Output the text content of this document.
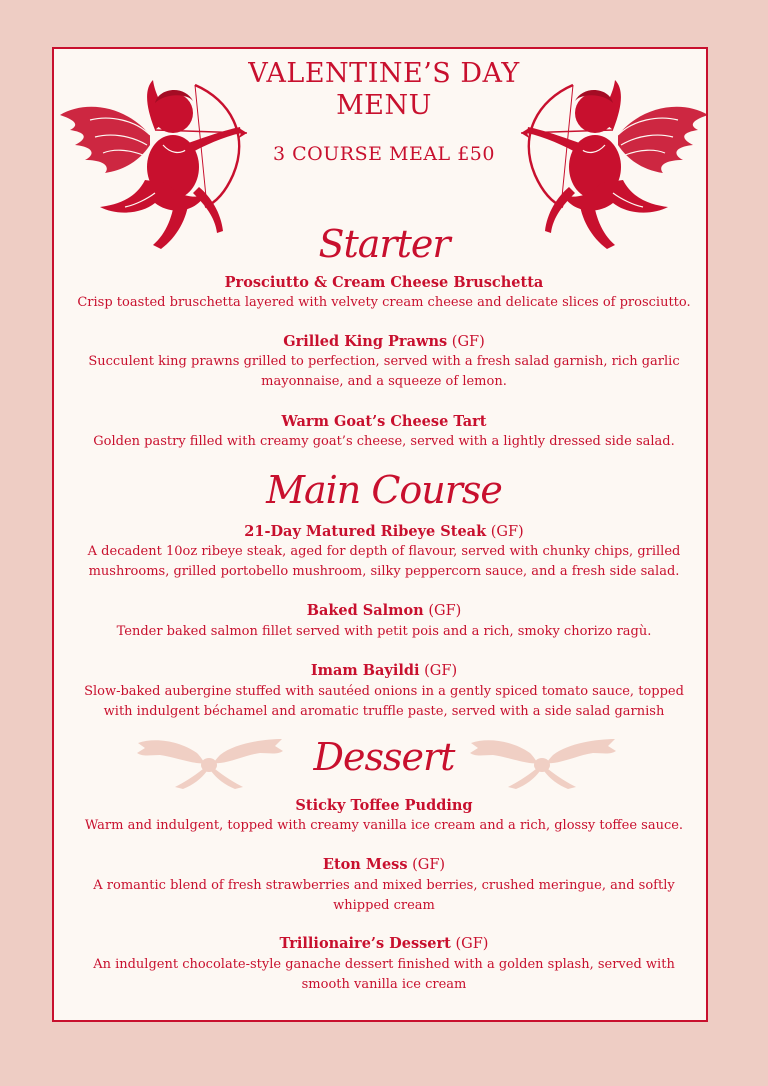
VALENTINE’S DAY
MENU
3 COURSE MEAL £50
Starter
Prosciutto & Cream Cheese Bruschetta
Crisp toasted bruschetta layered with velvety cream cheese and delicate slices of prosciutto.
Grilled King Prawns (GF)
Succulent king prawns grilled to perfection, served with a fresh salad garnish, rich garlic
mayonnaise, and a squeeze of lemon.
Warm Goat’s Cheese Tart
Golden pastry filled with creamy goat’s cheese, served with a lightly dressed side salad.
Main Course
21-Day Matured Ribeye Steak (GF)
A decadent 10oz ribeye steak, aged for depth of flavour, served with chunky chips, grilled
mushrooms, grilled portobello mushroom, silky peppercorn sauce, and a fresh side salad.
Baked Salmon (GF)
Tender baked salmon fillet served with petit pois and a rich, smoky chorizo ragù.
Imam Bayildi (GF)
Slow-baked aubergine stuffed with sautéed onions in a gently spiced tomato sauce, topped
with indulgent béchamel and aromatic truffle paste, served with a side salad garnish
Dessert
Sticky Toffee Pudding
Warm and indulgent, topped with creamy vanilla ice cream and a rich, glossy toffee sauce.
Eton Mess (GF)
A romantic blend of fresh strawberries and mixed berries, crushed meringue, and softly
whipped cream
Trillionaire’s Dessert (GF)
An indulgent chocolate-style ganache dessert finished with a golden splash, served with
smooth vanilla ice cream
